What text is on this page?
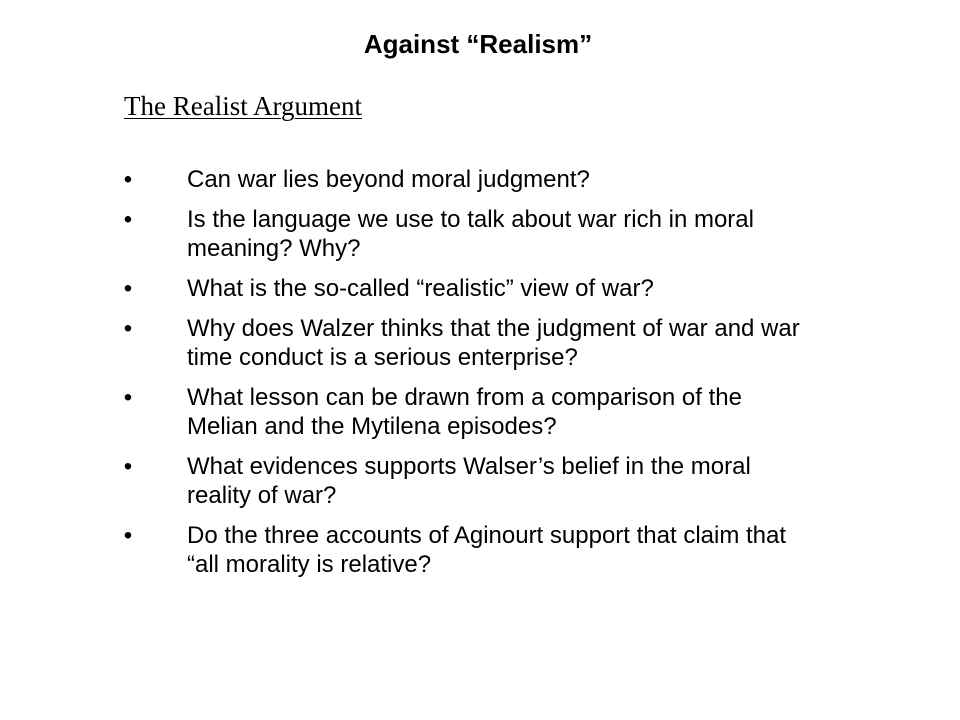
Against “Realism”
The Realist Argument
• Can war lies beyond moral judgment?
• Is the language we use to talk about war rich in moral meaning? Why?
• What is the so-called “realistic” view of war?
• Why does Walzer thinks that the judgment of war and war time conduct is a serious enterprise?
• What lesson can be drawn from a comparison of the Melian and the Mytilena episodes?
• What evidences supports Walser’s belief in the moral reality of war?
• Do the three accounts of Aginourt support that claim that “all morality is relative?
